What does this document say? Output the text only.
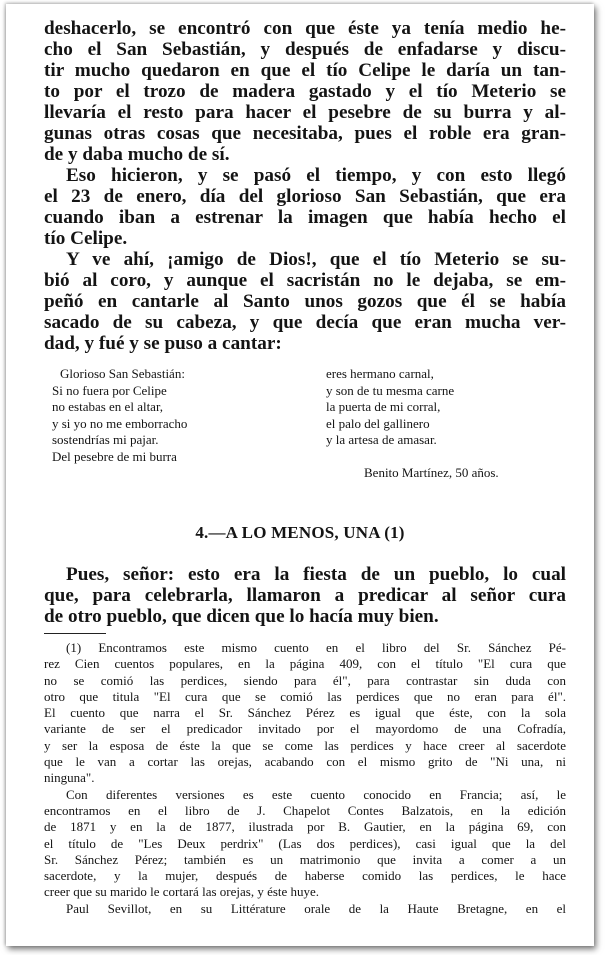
deshacerlo, se encontró con que éste ya tenía medio he-
cho el San Sebastián, y después de enfadarse y discu-
tir mucho quedaron en que el tío Celipe le daría un tan-
to por el trozo de madera gastado y el tío Meterio se
llevaría el resto para hacer el pesebre de su burra y al-
gunas otras cosas que necesitaba, pues el roble era gran-
de y daba mucho de sí.

Eso hicieron, y se pasó el tiempo, y con esto llegó
el 23 de enero, día del glorioso San Sebastián, que era
cuando iban a estrenar la imagen que había hecho el
tío Celipe.

Y ve ahí, ¡amigo de Dios!, que el tío Meterio se su-
bió al coro, y aunque el sacristán no le dejaba, se em-
peñó en cantarle al Santo unos gozos que él se había
sacado de su cabeza, y que decía que eran mucha ver-
dad, y fué y se puso a cantar:

Glorioso San Sebastián:
Si no fuera por Celipe
no estabas en el altar,
y si yo no me emborracho
sostendrías mi pajar.
Del pesebre de mi burra
eres hermano carnal,
y son de tu mesma carne
la puerta de mi corral,
el palo del gallinero
y la artesa de amasar.
Benito Martínez, 50 años.
4.—A LO MENOS, UNA (1)

Pues, señor: esto era la fiesta de un pueblo, lo cual
que, para celebrarla, llamaron a predicar al señor cura
de otro pueblo, que dicen que lo hacía muy bien.

(1) Encontramos este mismo cuento en el libro del Sr. Sánchez Pé-
rez Cien cuentos populares, en la página 409, con el título "El cura que
no se comió las perdices, siendo para él", para contrastar sin duda con
otro que titula "El cura que se comió las perdices que no eran para él".
El cuento que narra el Sr. Sánchez Pérez es igual que éste, con la sola
variante de ser el predicador invitado por el mayordomo de una Cofradía,
y ser la esposa de éste la que se come las perdices y hace creer al sacerdote
que le van a cortar las orejas, acabando con el mismo grito de "Ni una, ni
ninguna".
Con diferentes versiones es este cuento conocido en Francia; así, le
encontramos en el libro de J. Chapelot Contes Balzatois, en la edición
de 1871 y en la de 1877, ilustrada por B. Gautier, en la página 69, con
el título de "Les Deux perdrix" (Las dos perdices), casi igual que la del
Sr. Sánchez Pérez; también es un matrimonio que invita a comer a un
sacerdote, y la mujer, después de haberse comido las perdices, le hace
creer que su marido le cortará las orejas, y éste huye.
Paul Sevillot, en su Littérature orale de la Haute Bretagne, en el
